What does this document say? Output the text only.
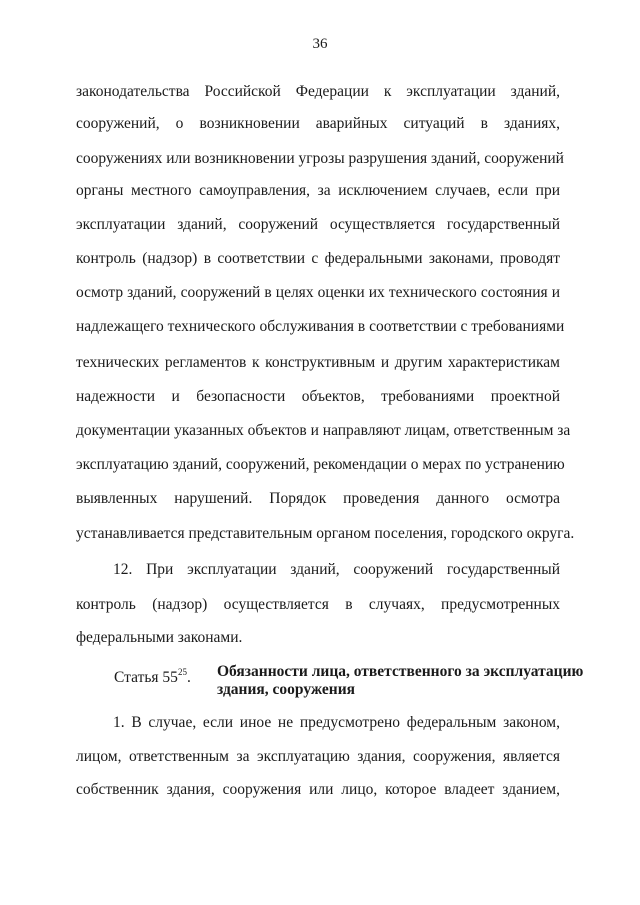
36
законодательства Российской Федерации к эксплуатации зданий,
сооружений, о возникновении аварийных ситуаций в зданиях,
сооружениях или возникновении угрозы разрушения зданий, сооружений
органы местного самоуправления, за исключением случаев, если при
эксплуатации зданий, сооружений осуществляется государственный
контроль (надзор) в соответствии с федеральными законами, проводят
осмотр зданий, сооружений в целях оценки их технического состояния и
надлежащего технического обслуживания в соответствии с требованиями
технических регламентов к конструктивным и другим характеристикам
надежности и безопасности объектов, требованиями проектной
документации указанных объектов и направляют лицам, ответственным за
эксплуатацию зданий, сооружений, рекомендации о мерах по устранению
выявленных нарушений. Порядок проведения данного осмотра
устанавливается представительным органом поселения, городского округа.
12. При эксплуатации зданий, сооружений государственный
контроль (надзор) осуществляется в случаях, предусмотренных
федеральными законами.
Статья $55^{25}$. Обязанности лица, ответственного за эксплуатацию
здания, сооружения
1. В случае, если иное не предусмотрено федеральным законом,
лицом, ответственным за эксплуатацию здания, сооружения, является
собственник здания, сооружения или лицо, которое владеет зданием,
